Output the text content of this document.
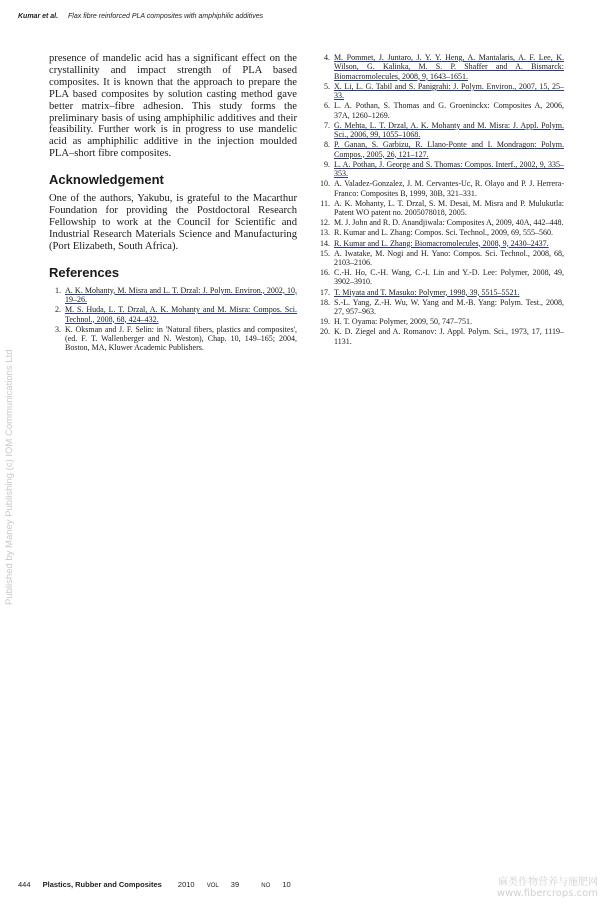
Kumar et al. Flax fibre reinforced PLA composites with amphiphilic additives
Published by Maney Publishing (c) IOM Communications Ltd

presence of mandelic acid has a significant effect on the crystallinity and impact strength of PLA based composites. It is known that the approach to prepare the PLA based composites by solution casting method gave better matrix–fibre adhesion. This study forms the preliminary basis of using amphiphilic additives and their feasibility. Further work is in progress to use mandelic acid as amphiphilic additive in the injection moulded PLA–short fibre composites.

Acknowledgement

One of the authors, Yakubu, is grateful to the Macarthur Foundation for providing the Postdoctoral Research Fellowship to work at the Council for Scientific and Industrial Research Materials Science and Manufacturing (Port Elizabeth, South Africa).

References
1. A. K. Mohanty, M. Misra and L. T. Drzal: J. Polym. Environ., 2002, 10, 19–26.
2. M. S. Huda, L. T. Drzal, A. K. Mohanty and M. Misra: Compos. Sci. Technol., 2008, 68, 424–432.
3. K. Oksman and J. F. Selin: in 'Natural fibers, plastics and composites', (ed. F. T. Wallenberger and N. Weston), Chap. 10, 149–165; 2004, Boston, MA, Kluwer Academic Publishers.
4. M. Pommet, J. Juntaro, J. Y. Y. Heng, A. Mantalaris, A. F. Lee, K. Wilson, G. Kalinka, M. S. P. Shaffer and A. Bismarck: Biomacromolecules, 2008, 9, 1643–1651.
5. X. Li, L. G. Tabil and S. Panigrahi: J. Polym. Environ., 2007, 15, 25–33.
6. L. A. Pothan, S. Thomas and G. Groeninckx: Composites A, 2006, 37A, 1260–1269.
7. G. Mehta, L. T. Drzal, A. K. Mohanty and M. Misra: J. Appl. Polym. Sci., 2006, 99, 1055–1068.
8. P. Ganan, S. Garbizu, R. Llano-Ponte and I. Mondragon: Polym. Compos., 2005, 26, 121–127.
9. L. A. Pothan, J. George and S. Thomas: Compos. Interf., 2002, 9, 335–353.
10. A. Valadez-Gonzalez, J. M. Cervantes-Uc, R. Olayo and P. J. Herrera-Franco: Composites B, 1999, 30B, 321–331.
11. A. K. Mohanty, L. T. Drzal, S. M. Desai, M. Misra and P. Mulukutla: Patent WO patent no. 2005078018, 2005.
12. M. J. John and R. D. Anandjiwala: Composites A, 2009, 40A, 442–448.
13. R. Kumar and L. Zhang: Compos. Sci. Technol., 2009, 69, 555–560.
14. R. Kumar and L. Zhang: Biomacromolecules, 2008, 9, 2430–2437.
15. A. Iwatake, M. Nogi and H. Yano: Compos. Sci. Technol., 2008, 68, 2103–2106.
16. C.-H. Ho, C.-H. Wang, C.-I. Lin and Y.-D. Lee: Polymer, 2008, 49, 3902–3910.
17. T. Miyata and T. Masuko: Polymer, 1998, 39, 5515–5521.
18. S.-L. Yang, Z.-H. Wu, W. Yang and M.-B. Yang: Polym. Test., 2008, 27, 957–963.
19. H. T. Oyama: Polymer, 2009, 50, 747–751.
20. K. D. Ziegel and A. Romanov: J. Appl. Polym. Sci., 1973, 17, 1119–1131.
444 Plastics, Rubber and Composites 2010 VOL 39	NO 10	麻类作物营养与施肥网
www.fibercrops.com
